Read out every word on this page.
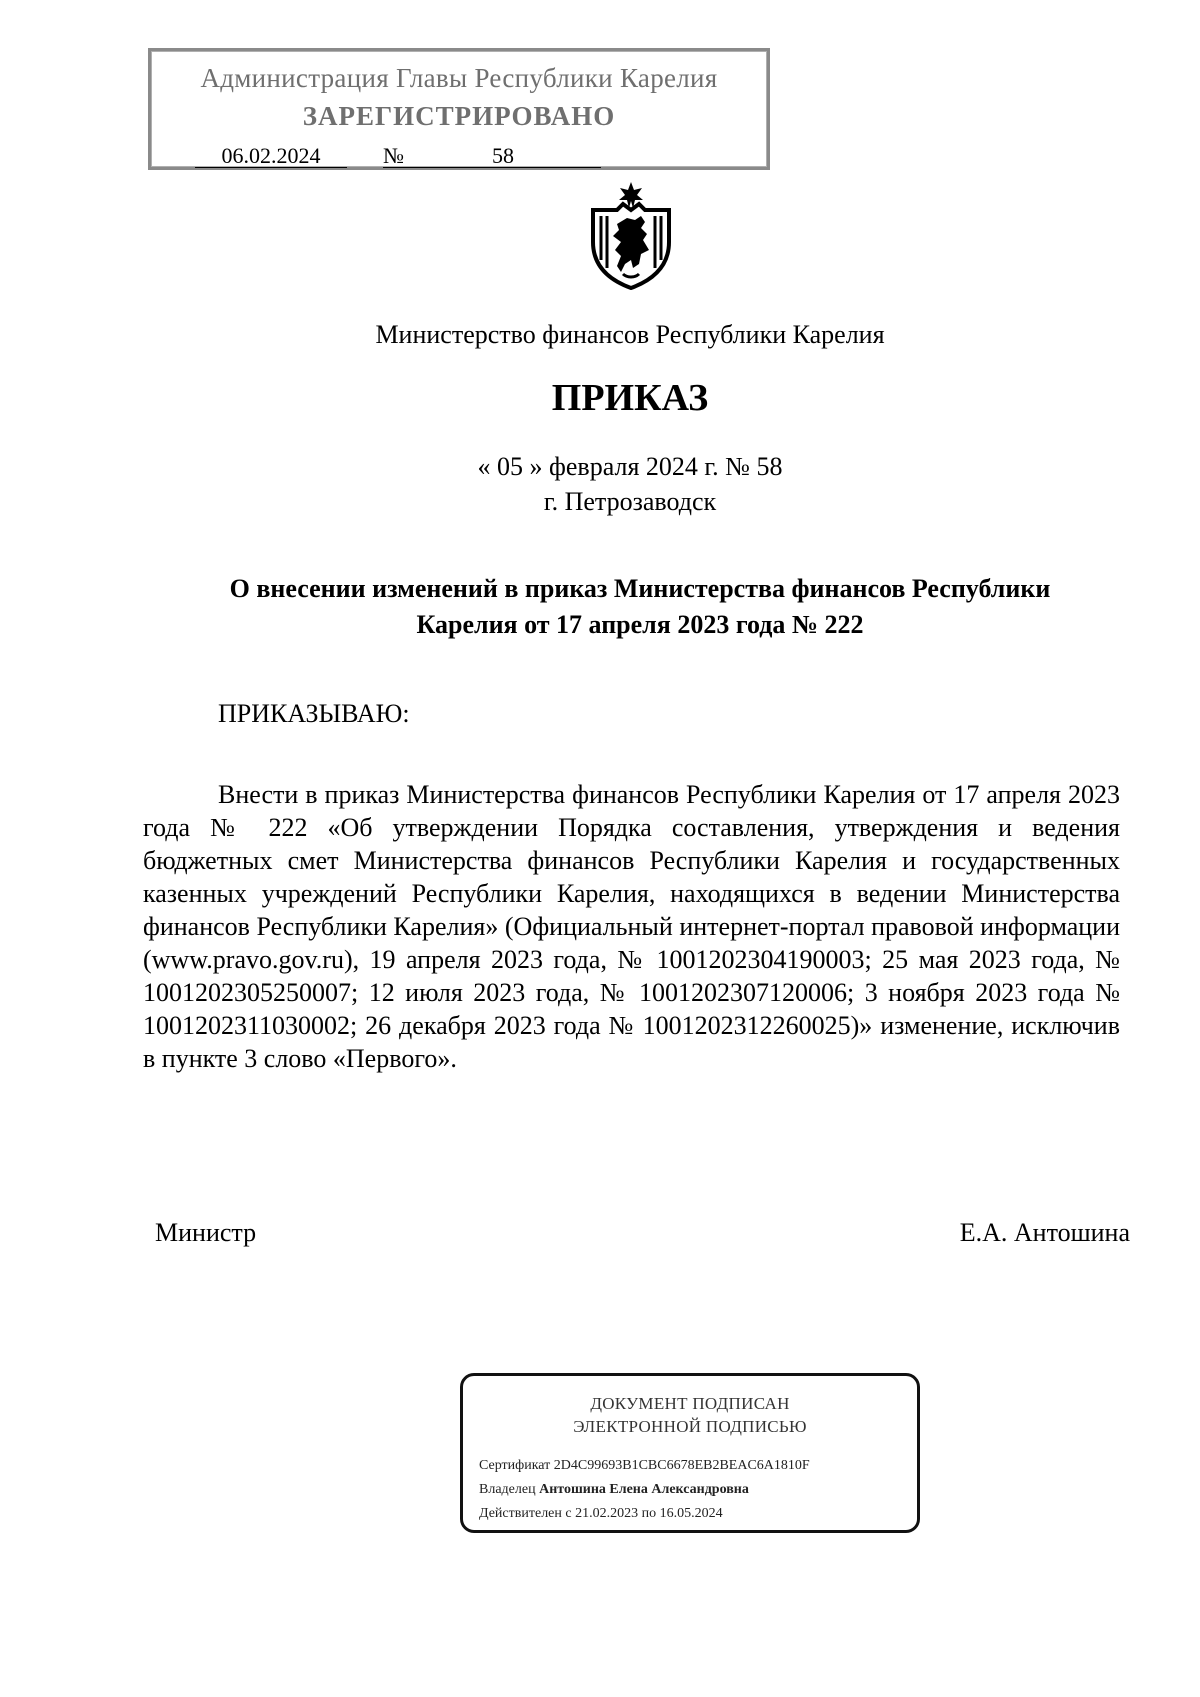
Администрация Главы Республики Карелия
ЗАРЕГИСТРИРОВАНО
06.02.2024	№	58
Министерство финансов Республики Карелия
ПРИКАЗ
« 05 » февраля 2024 г. № 58
г. Петрозаводск
О внесении изменений в приказ Министерства финансов Республики
Карелия от 17 апреля 2023 года № 222
ПРИКАЗЫВАЮ:
Внести в приказ Министерства финансов Республики Карелия от 17 апреля 2023 года № 222 «Об утверждении Порядка составления, утверждения и ведения бюджетных смет Министерства финансов Республики Карелия и государственных казенных учреждений Республики Карелия, находящихся в ведении Министерства финансов Республики Карелия» (Официальный интернет-портал правовой информации (www.pravo.gov.ru), 19 апреля 2023 года, № 1001202304190003; 25 мая 2023 года, № 1001202305250007; 12 июля 2023 года, № 1001202307120006; 3 ноября 2023 года № 1001202311030002; 26 декабря 2023 года № 1001202312260025)» изменение, исключив в пункте 3 слово «Первого».
Министр	Е.А. Антошина
ДОКУМЕНТ ПОДПИСАН
ЭЛЕКТРОННОЙ ПОДПИСЬЮ
Сертификат 2D4C99693B1CBC6678EB2BEAC6A1810F
Владелец Антошина Елена Александровна
Действителен с 21.02.2023 по 16.05.2024
